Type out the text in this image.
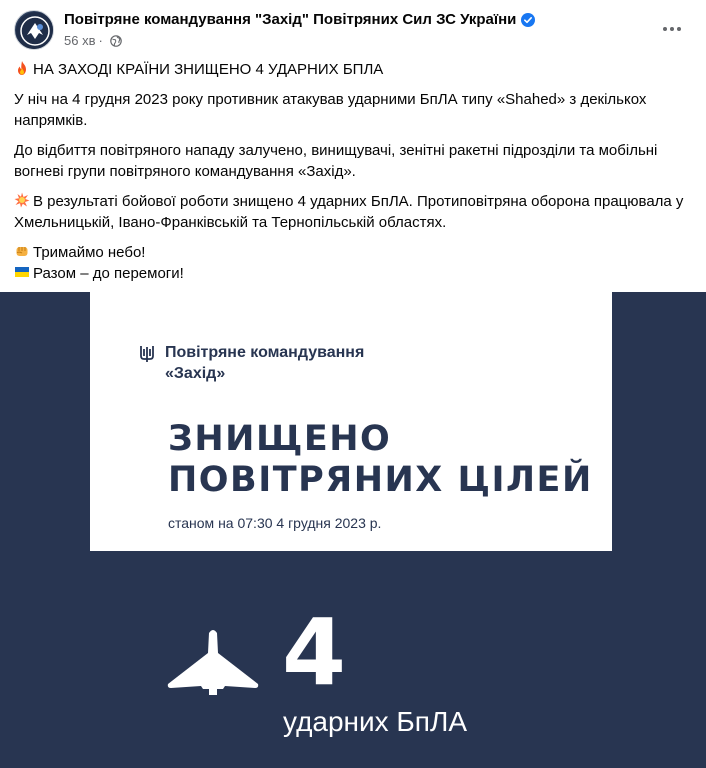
Повітряне командування "Захід" Повітряних Сил ЗС України
56 хв ·

НА ЗАХОДІ КРАЇНИ ЗНИЩЕНО 4 УДАРНИХ БПЛА

У ніч на 4 грудня 2023 року противник атакував ударними БпЛА типу «Shahed» з декількох напрямків.

До відбиття повітряного нападу залучено, винищувачі, зенітні ракетні підрозділи та мобільні вогневі групи повітряного командування «Захід».

В результаті бойової роботи знищено 4 ударних БпЛА. Протиповітряна оборона працювала у Хмельницькій, Івано-Франківській та Тернопільській областях.

Тримаймо небо!

Разом – до перемоги!

Повітряне командування
«Захід»
ЗНИЩЕНО
ПОВІТРЯНИХ ЦІЛЕЙ
станом на 07:30 4 грудня 2023 р.
4
ударних БпЛА
